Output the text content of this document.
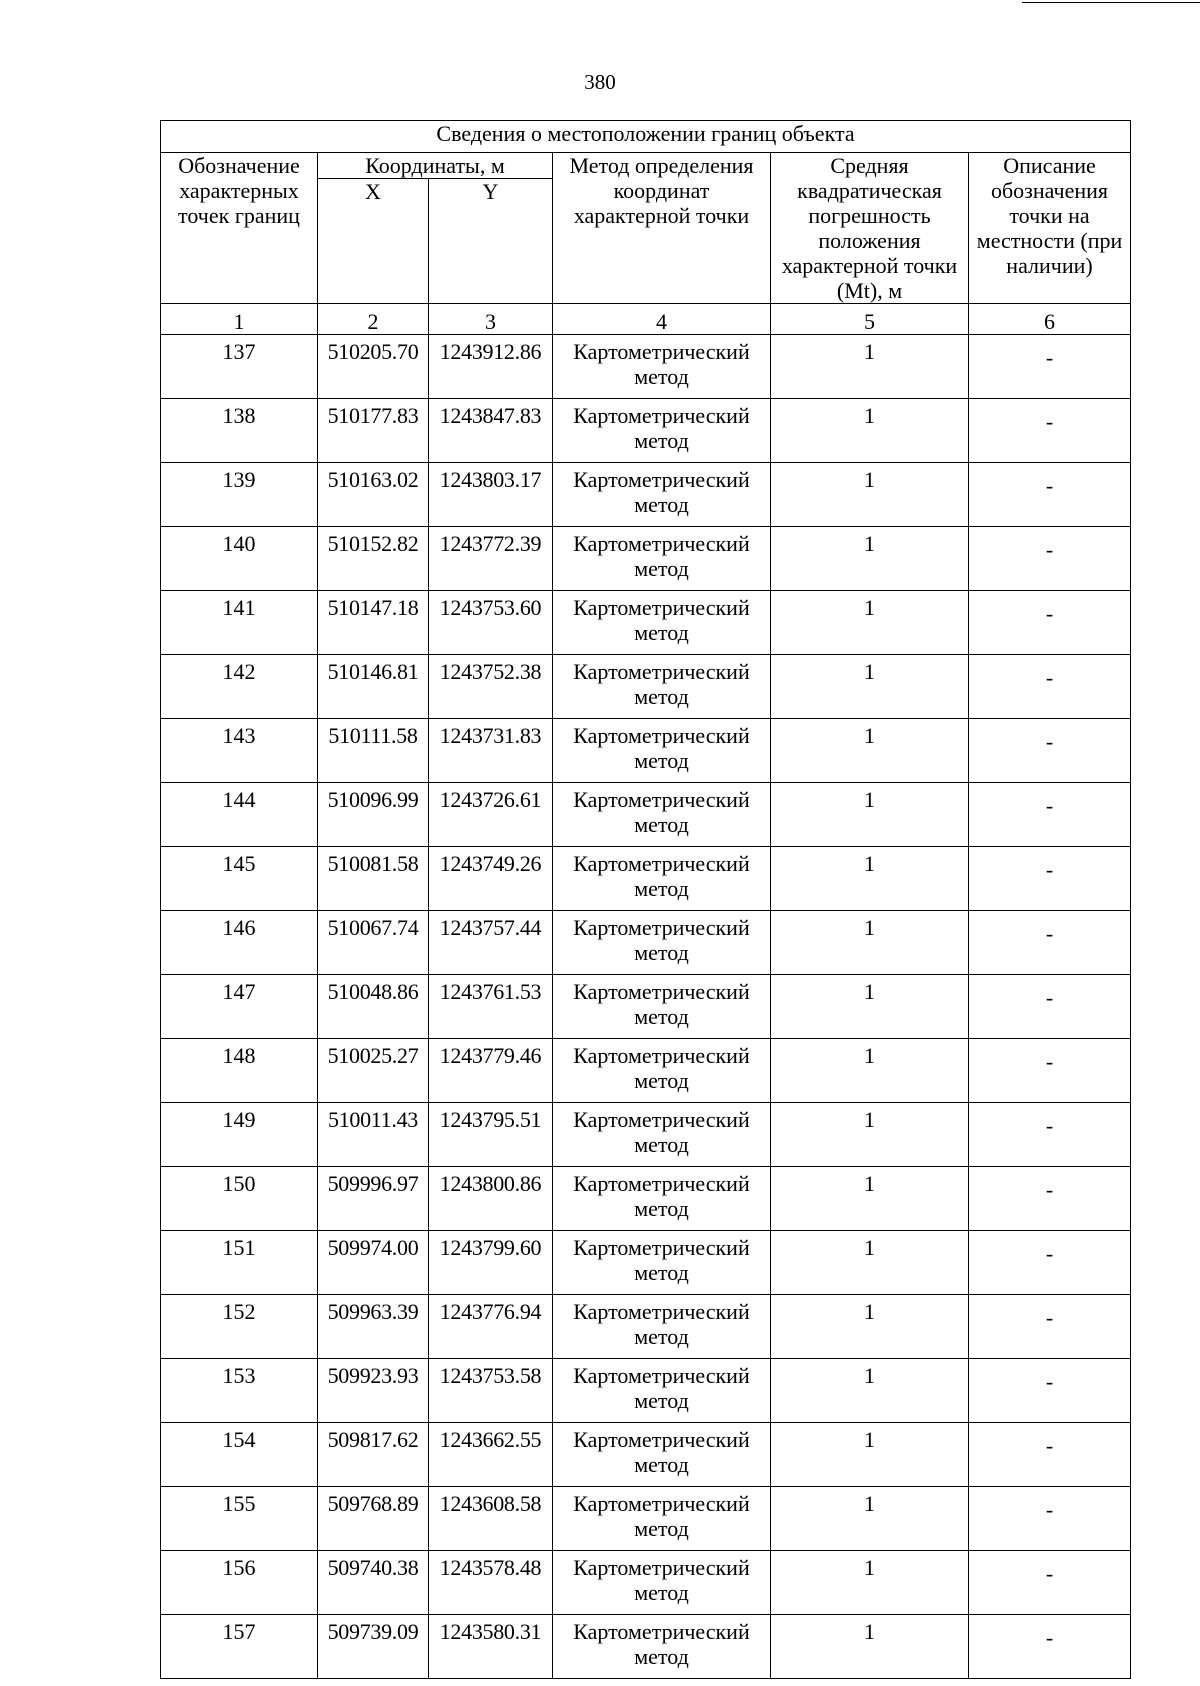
380
Сведения о местоположении границ объекта					
Обозначение характерных точек границ	Координаты, м		Метод определения координат характерной точки	Средняя квадратическая погрешность положения характерной точки (Mt), м	Описание обозначения точки на местности (при наличии)
	X	Y			
1	2	3	4	5	6
137	510205.70	1243912.86	Картометрический метод	1	-
138	510177.83	1243847.83	Картометрический метод	1	-
139	510163.02	1243803.17	Картометрический метод	1	-
140	510152.82	1243772.39	Картометрический метод	1	-
141	510147.18	1243753.60	Картометрический метод	1	-
142	510146.81	1243752.38	Картометрический метод	1	-
143	510111.58	1243731.83	Картометрический метод	1	-
144	510096.99	1243726.61	Картометрический метод	1	-
145	510081.58	1243749.26	Картометрический метод	1	-
146	510067.74	1243757.44	Картометрический метод	1	-
147	510048.86	1243761.53	Картометрический метод	1	-
148	510025.27	1243779.46	Картометрический метод	1	-
149	510011.43	1243795.51	Картометрический метод	1	-
150	509996.97	1243800.86	Картометрический метод	1	-
151	509974.00	1243799.60	Картометрический метод	1	-
152	509963.39	1243776.94	Картометрический метод	1	-
153	509923.93	1243753.58	Картометрический метод	1	-
154	509817.62	1243662.55	Картометрический метод	1	-
155	509768.89	1243608.58	Картометрический метод	1	-
156	509740.38	1243578.48	Картометрический метод	1	-
157	509739.09	1243580.31	Картометрический метод	1	-
